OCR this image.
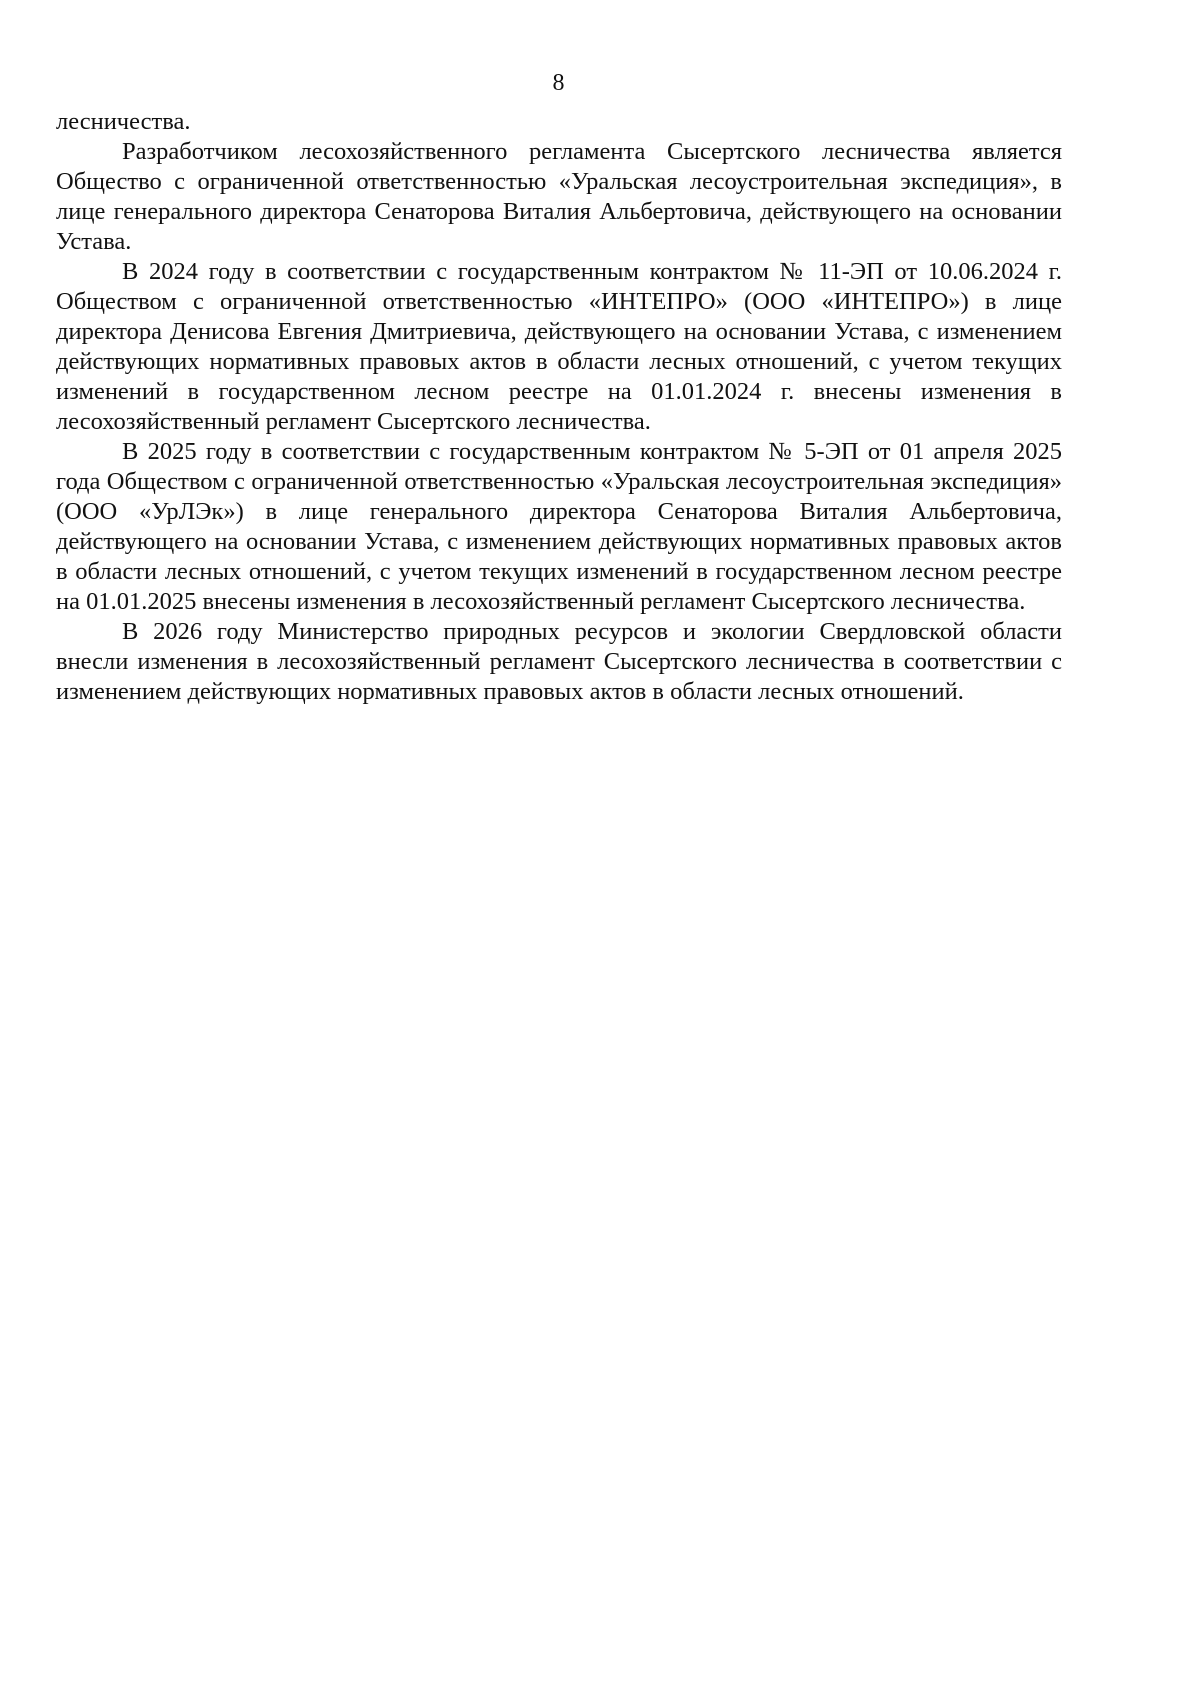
8

лесничества.

Разработчиком лесохозяйственного регламента Сысертского лесничества является Общество с ограниченной ответственностью «Уральская лесоустроительная экспедиция», в лице генерального директора Сенаторова Виталия Альбертовича, действующего на основании Устава.

В 2024 году в соответствии с государственным контрактом № 11-ЭП от 10.06.2024 г. Обществом с ограниченной ответственностью «ИНТЕПРО» (ООО «ИНТЕПРО») в лице директора Денисова Евгения Дмитриевича, действующего на основании Устава, с изменением действующих нормативных правовых актов в области лесных отношений, с учетом текущих изменений в государственном лесном реестре на 01.01.2024 г. внесены изменения в лесохозяйственный регламент Сысертского лесничества.

В 2025 году в соответствии с государственным контрактом № 5-ЭП от 01 апреля 2025 года Обществом с ограниченной ответственностью «Уральская лесоустроительная экспедиция» (ООО «УрЛЭк») в лице генерального директора Сенаторова Виталия Альбертовича, действующего на основании Устава, с изменением действующих нормативных правовых актов в области лесных отношений, с учетом текущих изменений в государственном лесном реестре на 01.01.2025 внесены изменения в лесохозяйственный регламент Сысертского лесничества.

В 2026 году Министерство природных ресурсов и экологии Свердловской области внесли изменения в лесохозяйственный регламент Сысертского лесничества в соответствии с изменением действующих нормативных правовых актов в области лесных отношений.
